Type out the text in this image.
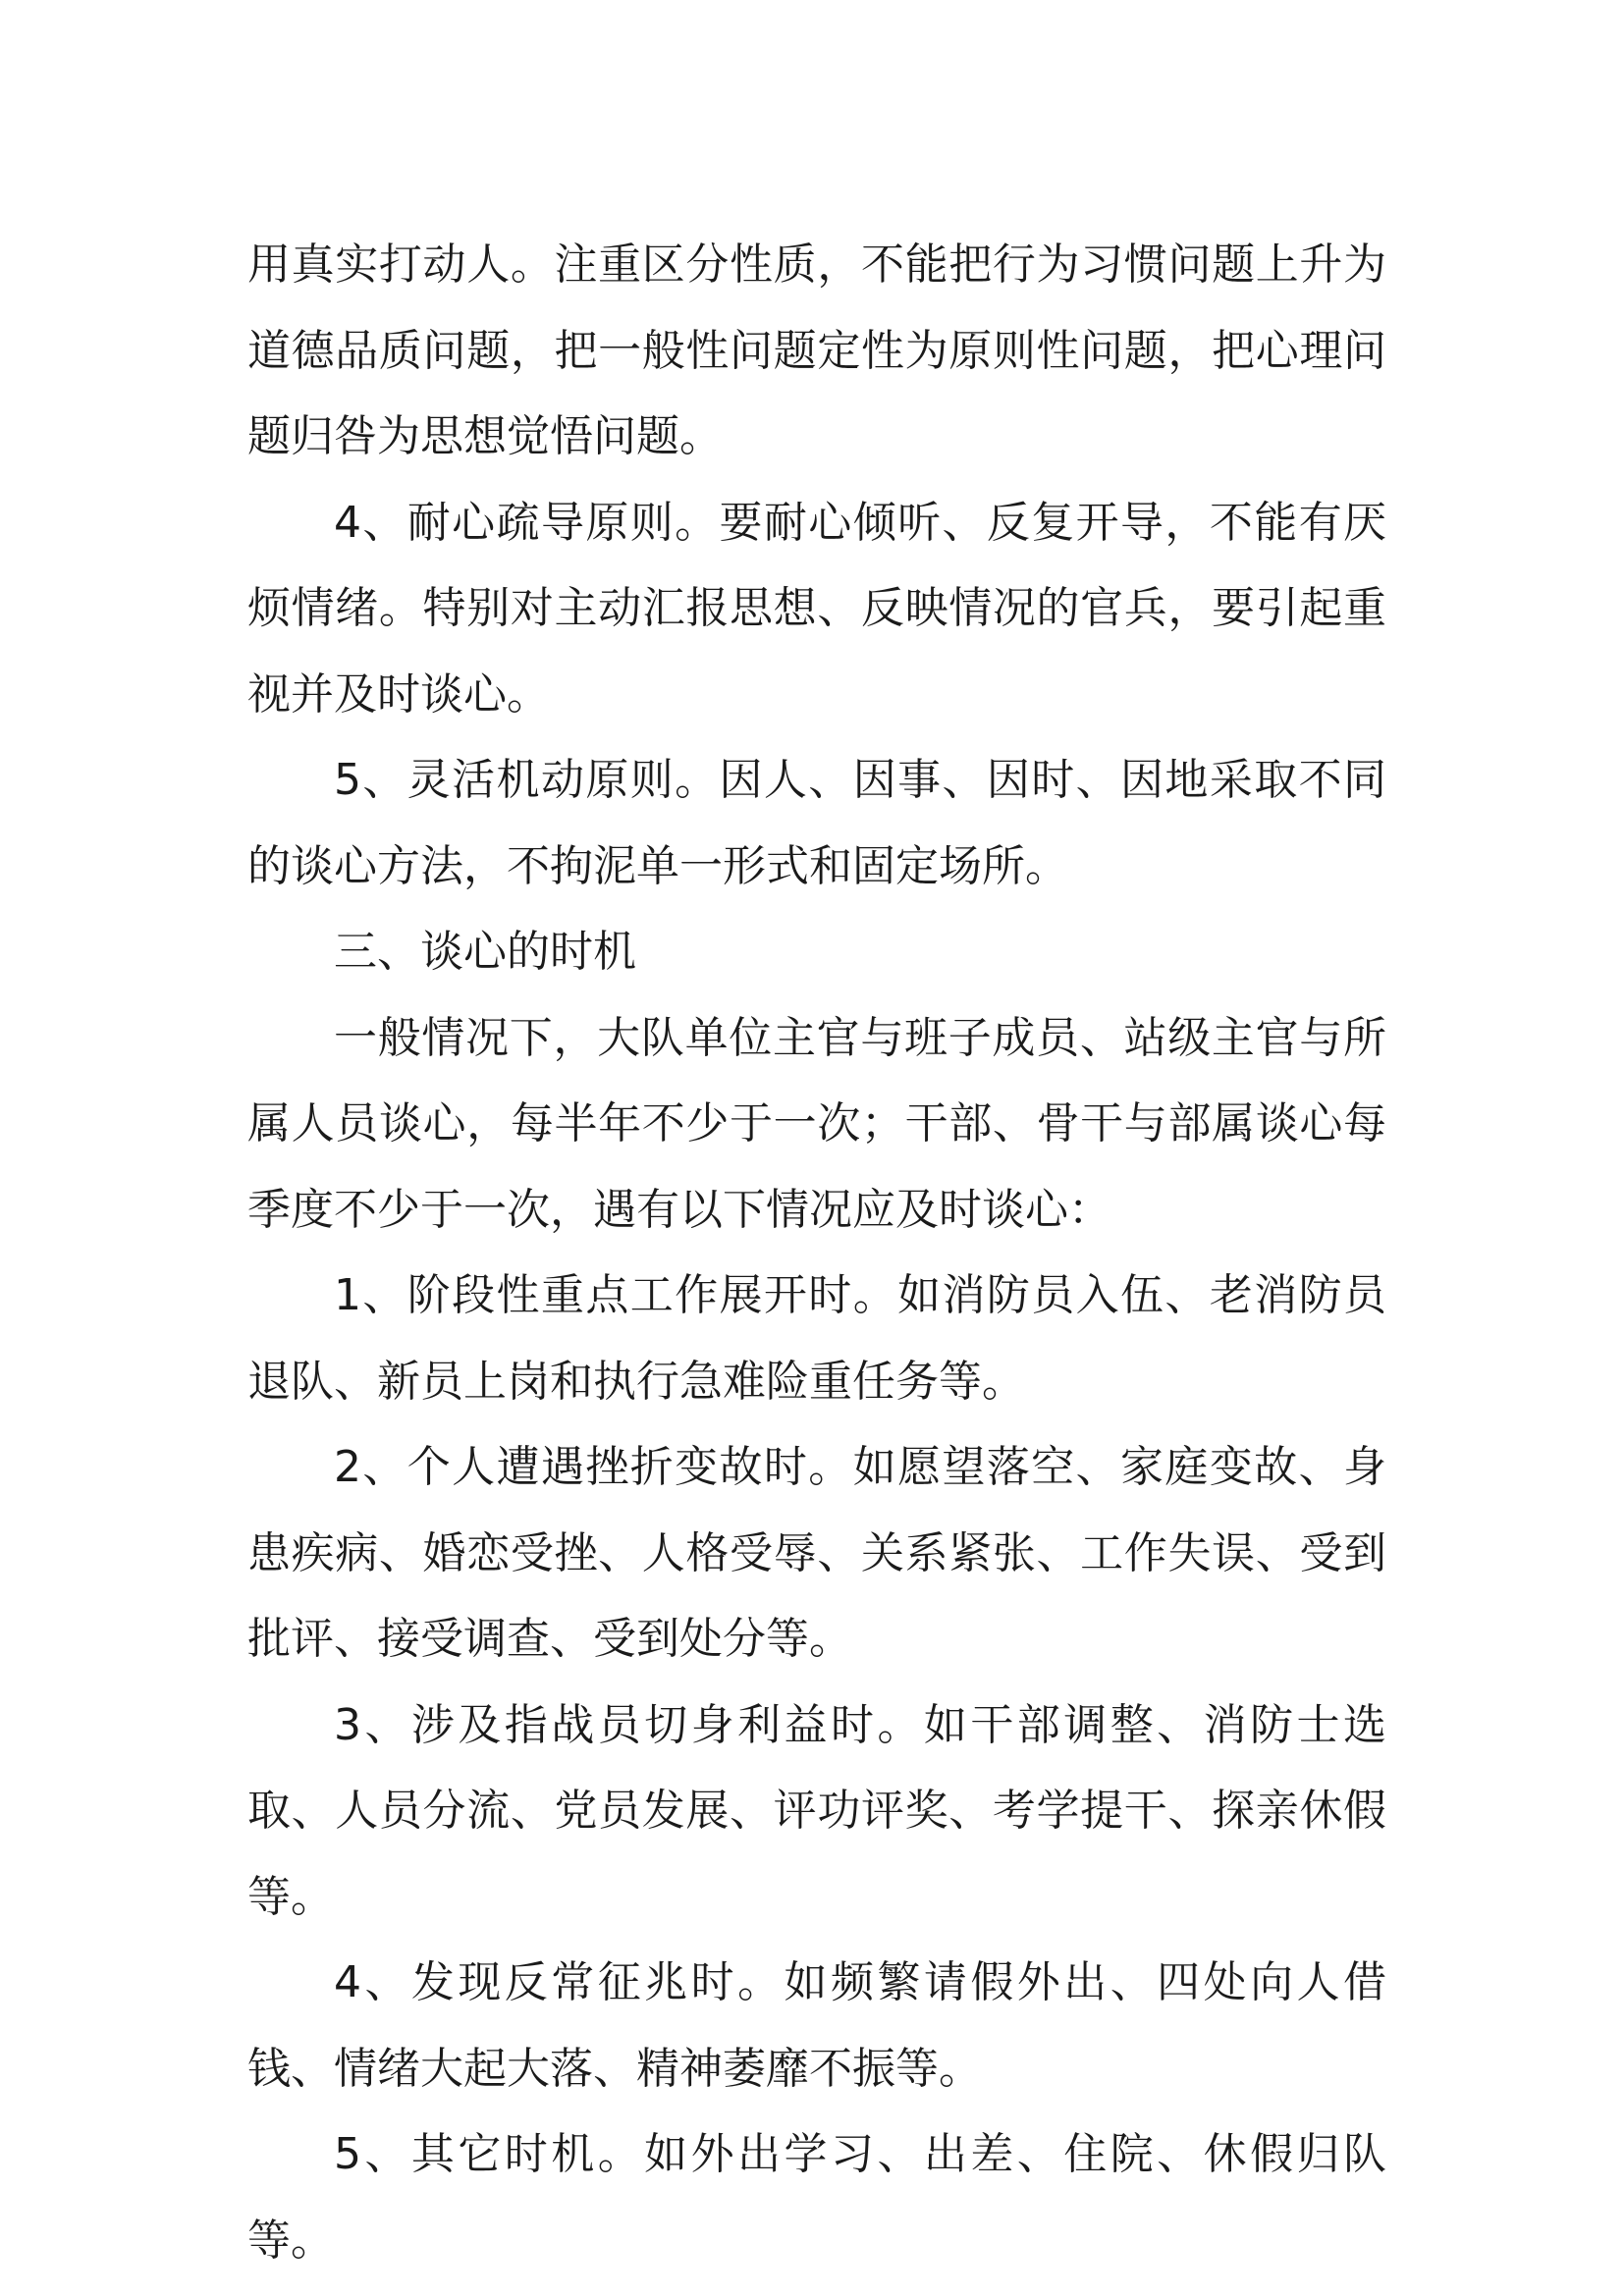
用真实打动人。注重区分性质，不能把行为习惯问题上升为道德品质问题，把一般性问题定性为原则性问题，把心理问题归咎为思想觉悟问题。

4、耐心疏导原则。要耐心倾听、反复开导，不能有厌烦情绪。特别对主动汇报思想、反映情况的官兵，要引起重视并及时谈心。

5、灵活机动原则。因人、因事、因时、因地采取不同的谈心方法，不拘泥单一形式和固定场所。

三、谈心的时机

一般情况下，大队单位主官与班子成员、站级主官与所属人员谈心，每半年不少于一次；干部、骨干与部属谈心每季度不少于一次，遇有以下情况应及时谈心：

1、阶段性重点工作展开时。如消防员入伍、老消防员退队、新员上岗和执行急难险重任务等。

2、个人遭遇挫折变故时。如愿望落空、家庭变故、身患疾病、婚恋受挫、人格受辱、关系紧张、工作失误、受到批评、接受调查、受到处分等。

3、涉及指战员切身利益时。如干部调整、消防士选取、人员分流、党员发展、评功评奖、考学提干、探亲休假等。

4、发现反常征兆时。如频繁请假外出、四处向人借钱、情绪大起大落、精神萎靡不振等。

5、其它时机。如外出学习、出差、住院、休假归队等。
